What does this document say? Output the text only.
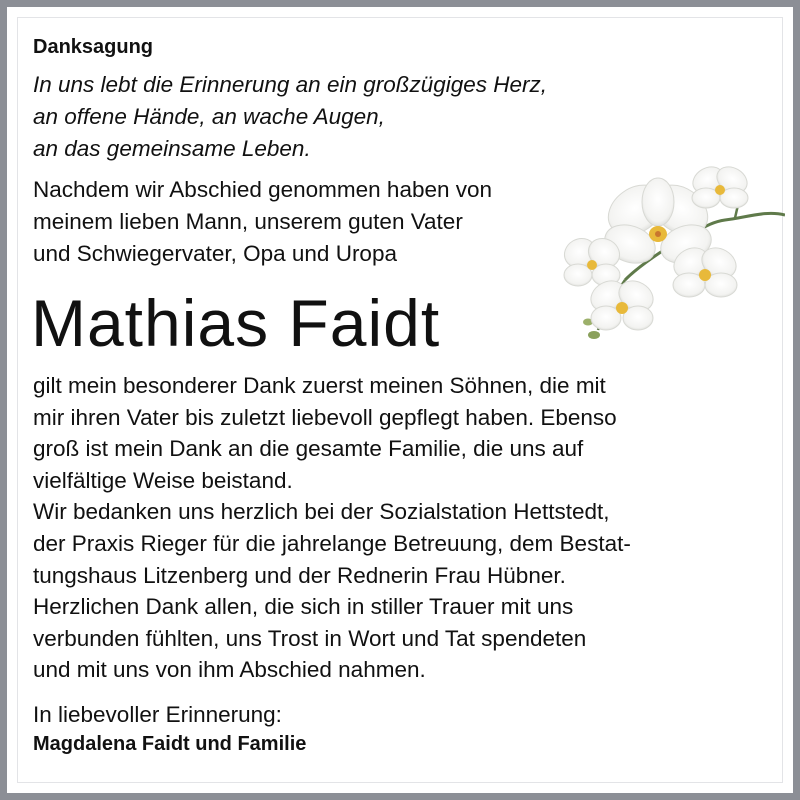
Danksagung
In uns lebt die Erinnerung an ein großzügiges Herz,
an offene Hände, an wache Augen,
an das gemeinsame Leben.
Nachdem wir Abschied genommen haben von
meinem lieben Mann, unserem guten Vater
und Schwiegervater, Opa und Uropa
Mathias Faidt
gilt mein besonderer Dank zuerst meinen Söhnen, die mit
mir ihren Vater bis zuletzt liebevoll gepflegt haben. Ebenso
groß ist mein Dank an die gesamte Familie, die uns auf
vielfältige Weise beistand.
Wir bedanken uns herzlich bei der Sozialstation Hettstedt,
der Praxis Rieger für die jahrelange Betreuung, dem Bestat-
tungshaus Litzenberg und der Rednerin Frau Hübner.
Herzlichen Dank allen, die sich in stiller Trauer mit uns
verbunden fühlten, uns Trost in Wort und Tat spendeten
und mit uns von ihm Abschied nahmen.
In liebevoller Erinnerung:
Magdalena Faidt und Familie
